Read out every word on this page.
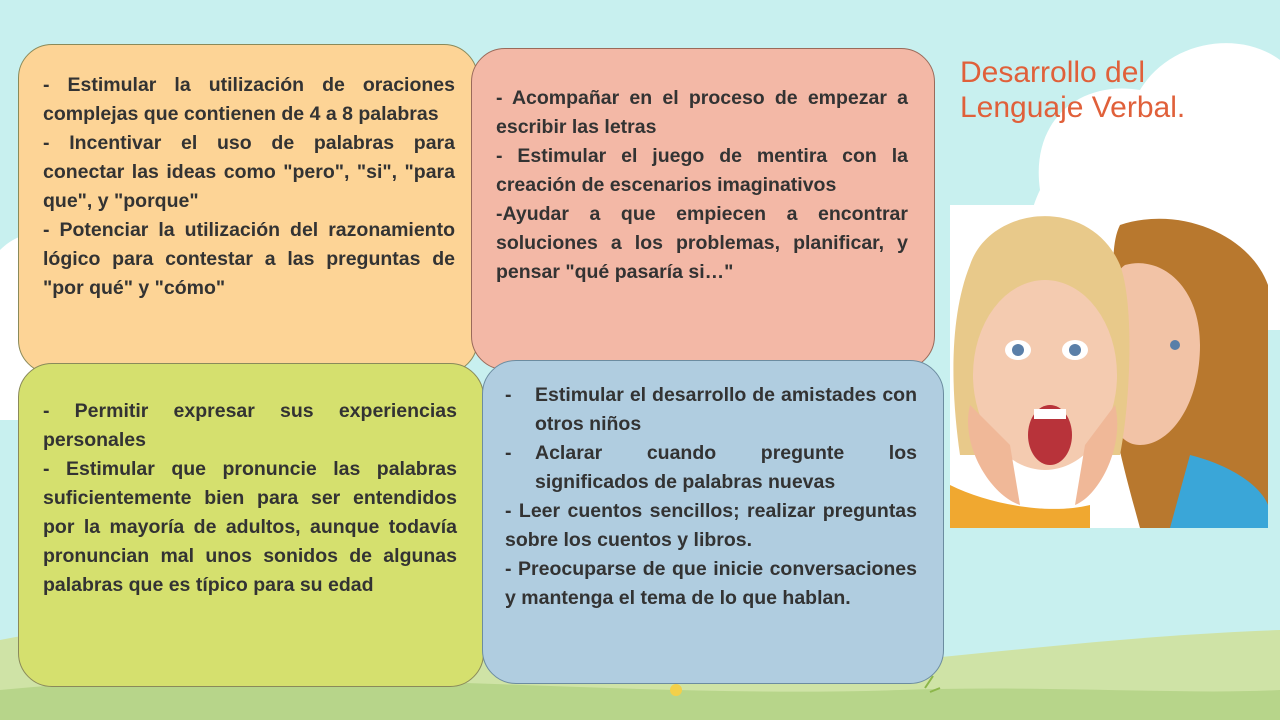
- Estimular la utilización de oraciones complejas que contienen de 4 a 8 palabras

- Incentivar el uso de palabras para conectar las ideas como "pero", "si", "para que", y "porque"

- Potenciar la utilización del razonamiento lógico para contestar a las preguntas de "por qué" y "cómo"

- Acompañar en el proceso de empezar a escribir las letras

- Estimular el juego de mentira con la creación de escenarios imaginativos

-Ayudar a que empiecen a encontrar soluciones a los problemas, planificar, y pensar "qué pasaría si…"

- Permitir expresar sus experiencias personales

- Estimular que pronuncie las palabras suficientemente bien para ser entendidos por la mayoría de adultos, aunque todavía pronuncian mal unos sonidos de algunas palabras que es típico para su edad

-	Estimular el desarrollo de amistades con otros niños
-	Aclarar cuando pregunte los significados de palabras nuevas

- Leer cuentos sencillos; realizar preguntas sobre los cuentos y libros.

- Preocuparse de que inicie conversaciones y mantenga el tema de lo que hablan.

Desarrollo del Lenguaje Verbal.
